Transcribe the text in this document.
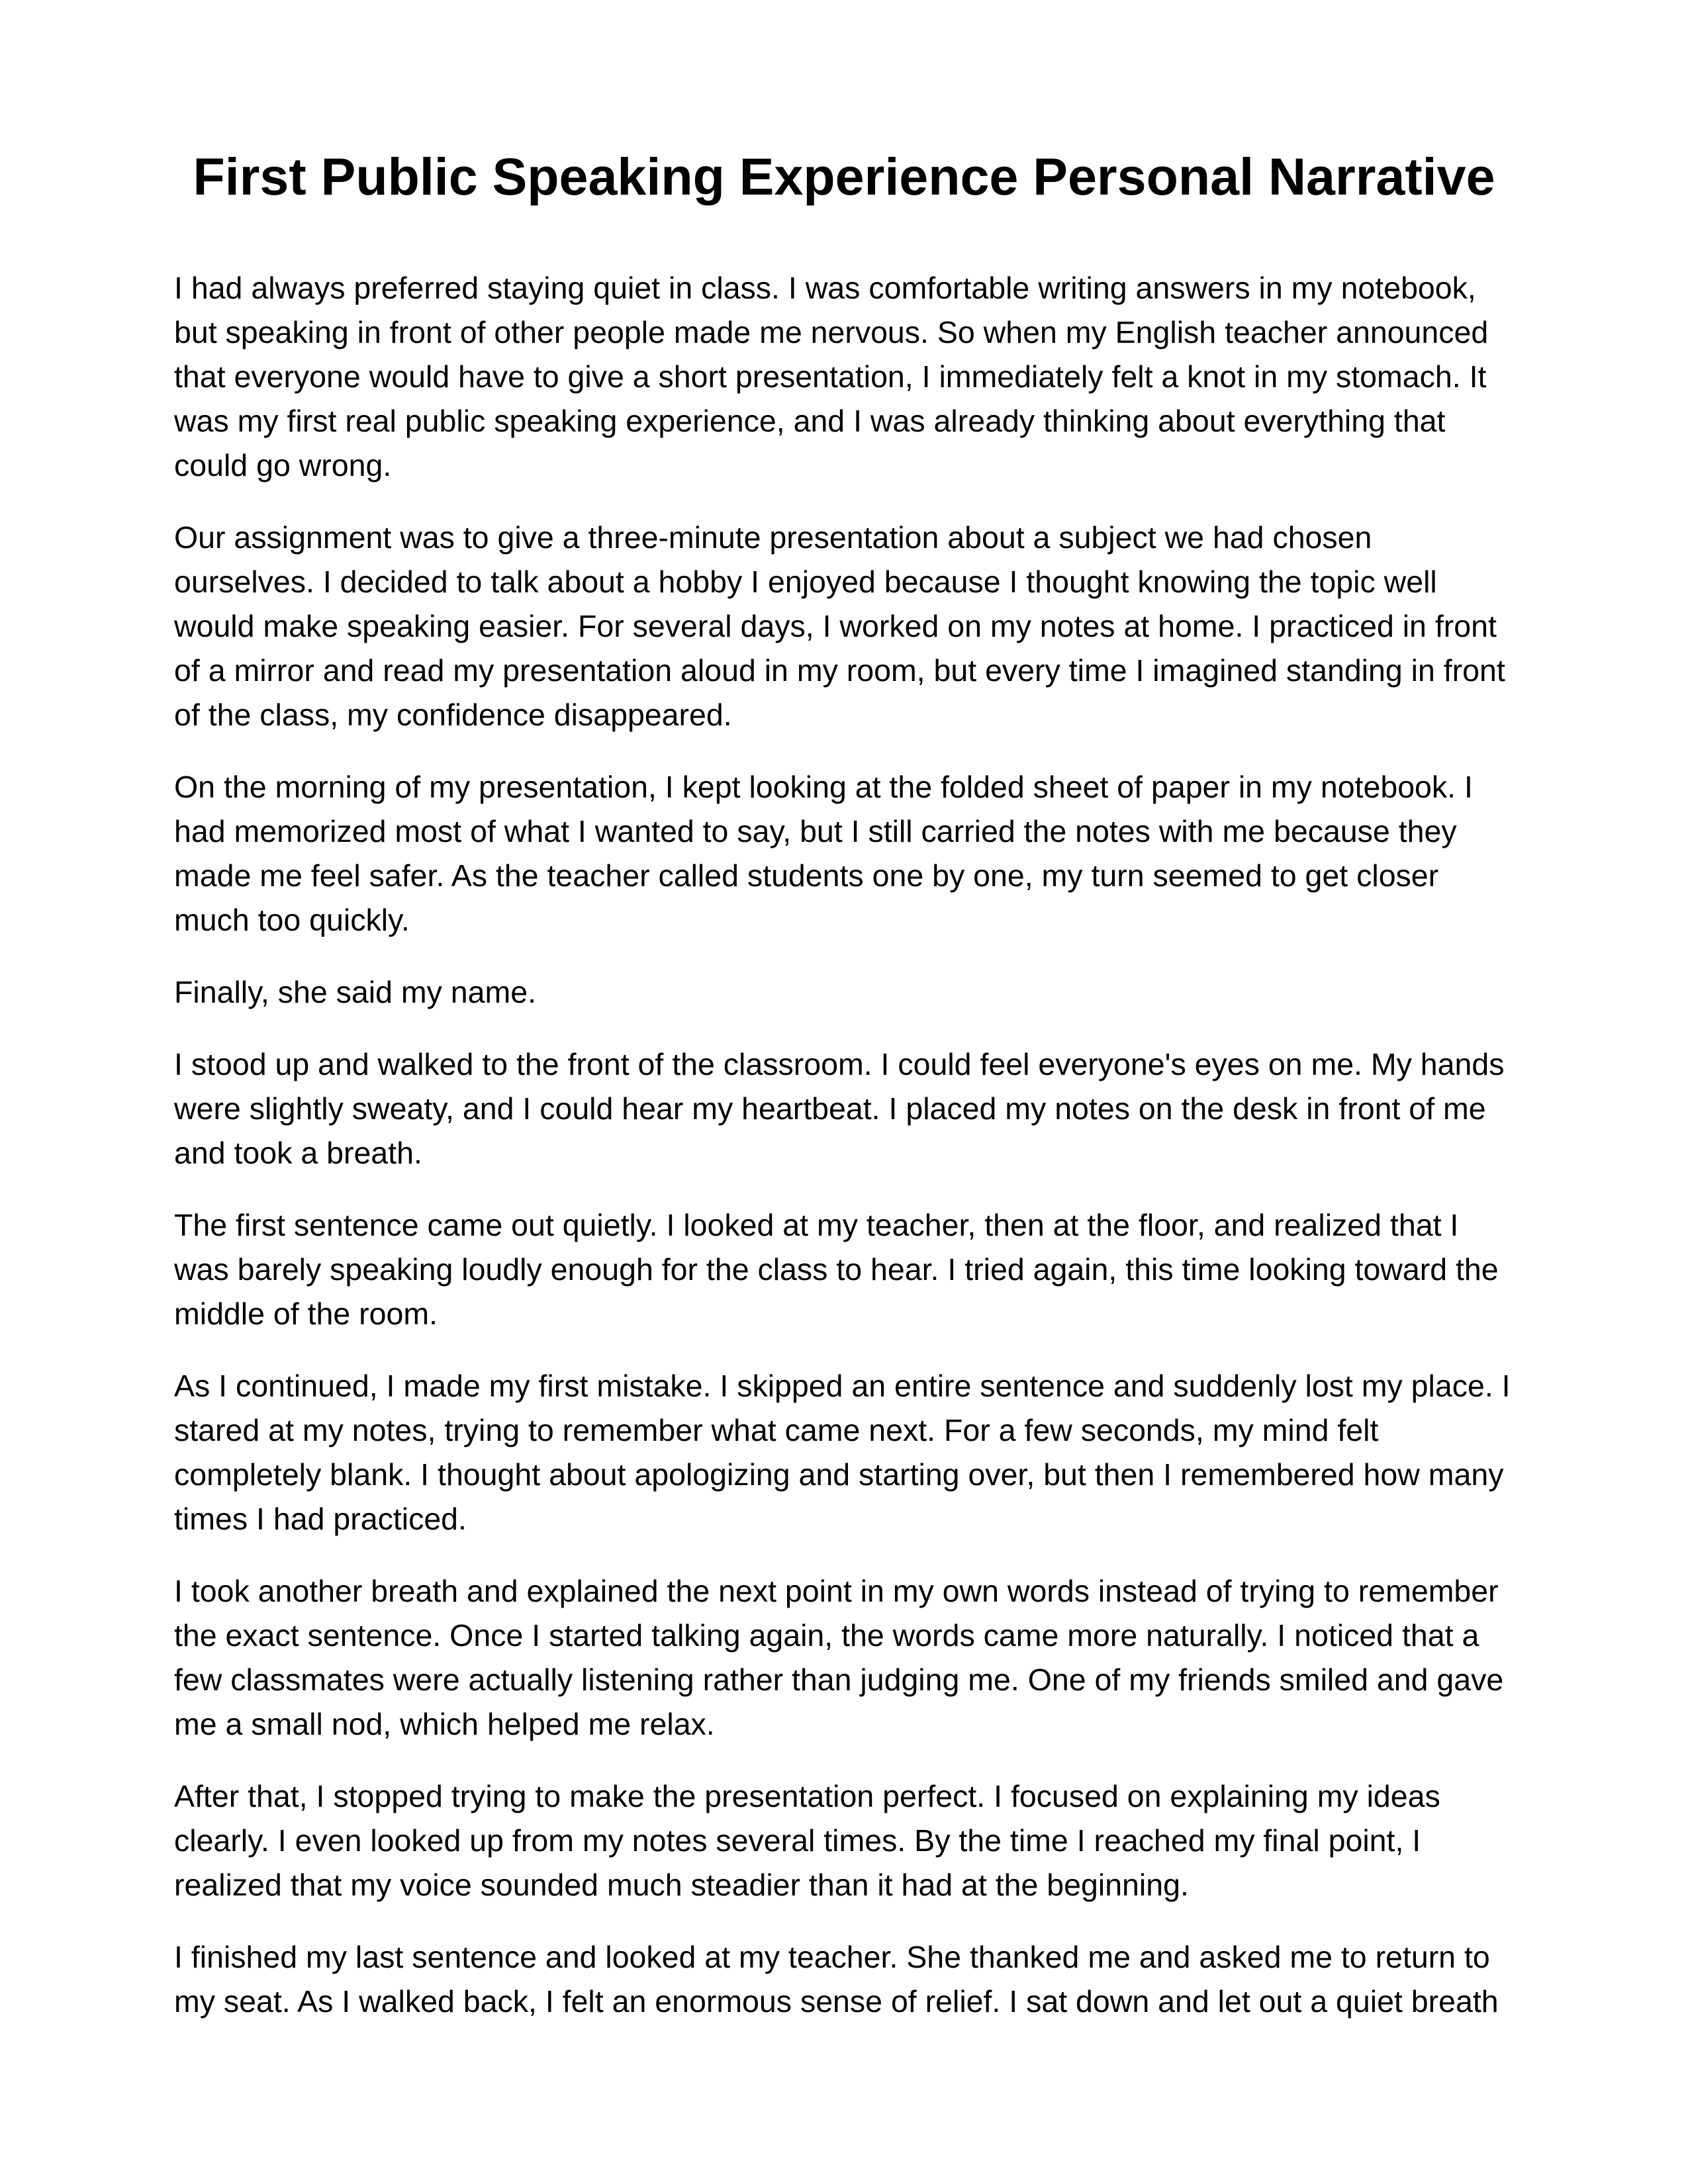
First Public Speaking Experience Personal Narrative

I had always preferred staying quiet in class. I was comfortable writing answers in my notebook, but speaking in front of other people made me nervous. So when my English teacher announced that everyone would have to give a short presentation, I immediately felt a knot in my stomach. It was my first real public speaking experience, and I was already thinking about everything that could go wrong.

Our assignment was to give a three-minute presentation about a subject we had chosen ourselves. I decided to talk about a hobby I enjoyed because I thought knowing the topic well would make speaking easier. For several days, I worked on my notes at home. I practiced in front of a mirror and read my presentation aloud in my room, but every time I imagined standing in front of the class, my confidence disappeared.

On the morning of my presentation, I kept looking at the folded sheet of paper in my notebook. I had memorized most of what I wanted to say, but I still carried the notes with me because they made me feel safer. As the teacher called students one by one, my turn seemed to get closer much too quickly.

Finally, she said my name.

I stood up and walked to the front of the classroom. I could feel everyone's eyes on me. My hands were slightly sweaty, and I could hear my heartbeat. I placed my notes on the desk in front of me and took a breath.

The first sentence came out quietly. I looked at my teacher, then at the floor, and realized that I was barely speaking loudly enough for the class to hear. I tried again, this time looking toward the middle of the room.

As I continued, I made my first mistake. I skipped an entire sentence and suddenly lost my place. I stared at my notes, trying to remember what came next. For a few seconds, my mind felt completely blank. I thought about apologizing and starting over, but then I remembered how many times I had practiced.

I took another breath and explained the next point in my own words instead of trying to remember the exact sentence. Once I started talking again, the words came more naturally. I noticed that a few classmates were actually listening rather than judging me. One of my friends smiled and gave me a small nod, which helped me relax.

After that, I stopped trying to make the presentation perfect. I focused on explaining my ideas clearly. I even looked up from my notes several times. By the time I reached my final point, I realized that my voice sounded much steadier than it had at the beginning.

I finished my last sentence and looked at my teacher. She thanked me and asked me to return to my seat. As I walked back, I felt an enormous sense of relief. I sat down and let out a quiet breath
